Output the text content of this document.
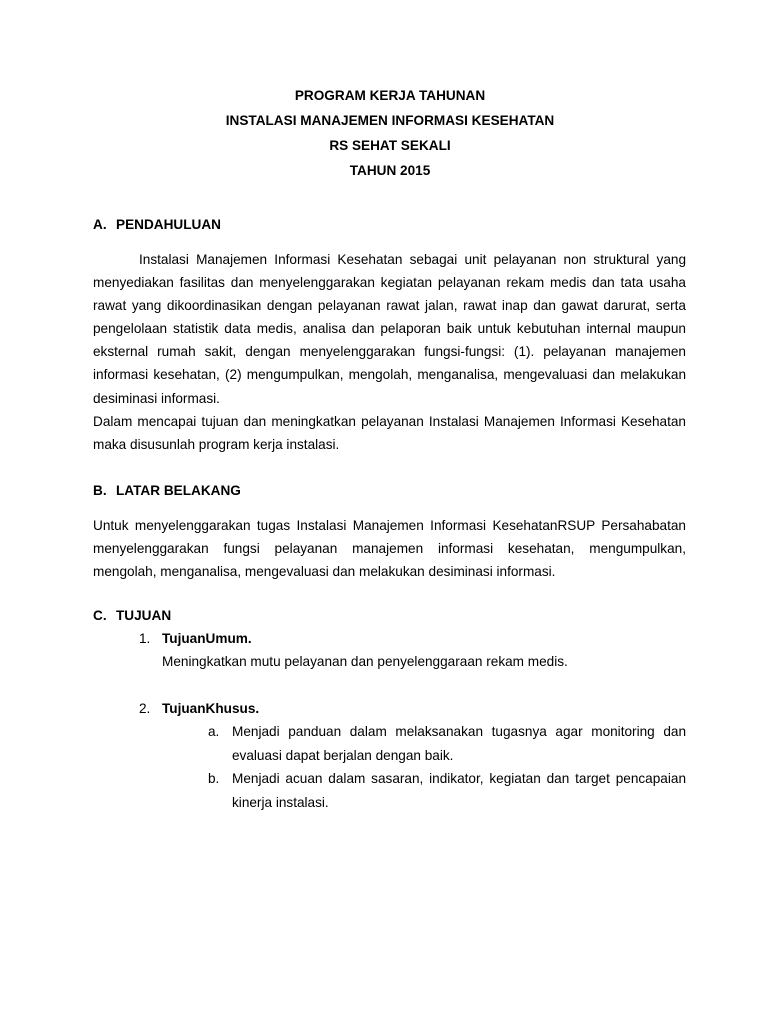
PROGRAM KERJA TAHUNAN
INSTALASI MANAJEMEN INFORMASI KESEHATAN
RS SEHAT SEKALI
TAHUN 2015
A. PENDAHULUAN

Instalasi Manajemen Informasi Kesehatan sebagai unit pelayanan non struktural yang menyediakan fasilitas dan menyelenggarakan kegiatan pelayanan rekam medis dan tata usaha rawat yang dikoordinasikan dengan pelayanan rawat jalan, rawat inap dan gawat darurat, serta pengelolaan statistik data medis, analisa dan pelaporan baik untuk kebutuhan internal maupun eksternal rumah sakit, dengan menyelenggarakan fungsi-fungsi: (1). pelayanan manajemen informasi kesehatan, (2) mengumpulkan, mengolah, menganalisa, mengevaluasi dan melakukan desiminasi informasi.

Dalam mencapai tujuan dan meningkatkan pelayanan Instalasi Manajemen Informasi Kesehatan maka disusunlah program kerja instalasi.

B. LATAR BELAKANG

Untuk menyelenggarakan tugas Instalasi Manajemen Informasi KesehatanRSUP Persahabatan menyelenggarakan fungsi pelayanan manajemen informasi kesehatan, mengumpulkan, mengolah, menganalisa, mengevaluasi dan melakukan desiminasi informasi.

C. TUJUAN
1. TujuanUmum.
Meningkatkan mutu pelayanan dan penyelenggaraan rekam medis.
2. TujuanKhusus.
a. Menjadi panduan dalam melaksanakan tugasnya agar monitoring dan evaluasi dapat berjalan dengan baik.
b. Menjadi acuan dalam sasaran, indikator, kegiatan dan target pencapaian kinerja instalasi.
